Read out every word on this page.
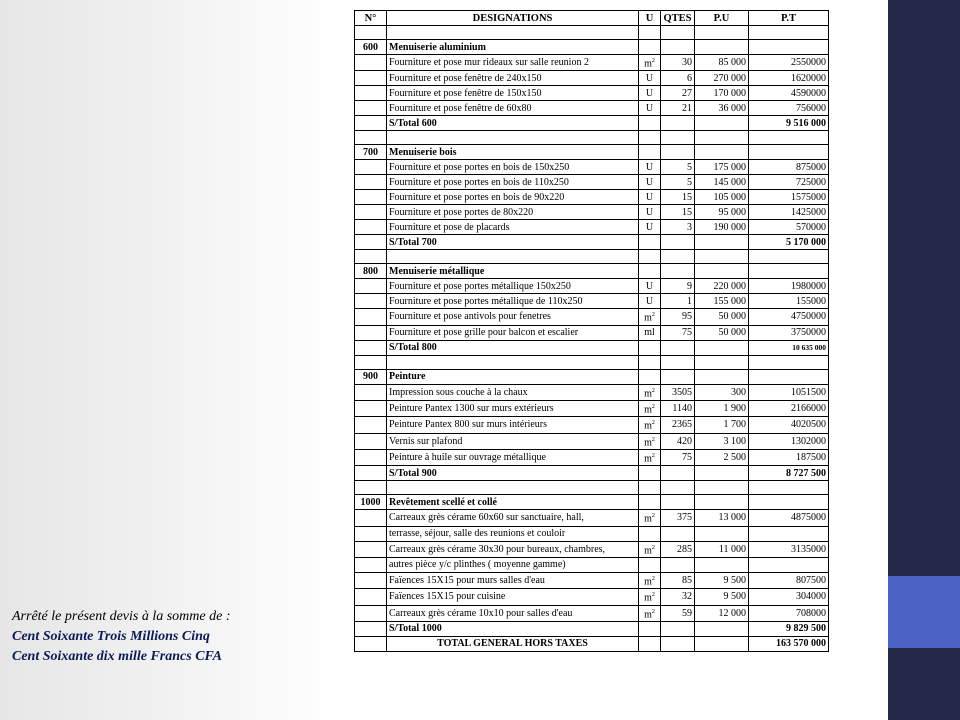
N°	DESIGNATIONS	U	QTES	P.U	P.T

600	Menuiserie aluminium				
	Fourniture et pose mur rideaux sur salle reunion 2	$m^2$	30	85 000	2550000
	Fourniture et pose fenêtre de 240x150	U	6	270 000	1620000
	Fourniture et pose fenêtre de 150x150	U	27	170 000	4590000
	Fourniture et pose fenêtre de 60x80	U	21	36 000	756000
	S/Total 600				9 516 000

700	Menuiserie bois				
	Fourniture et pose portes en bois de 150x250	U	5	175 000	875000
	Fourniture et pose portes en bois de 110x250	U	5	145 000	725000
	Fourniture et pose portes en bois de 90x220	U	15	105 000	1575000
	Fourniture et pose portes de 80x220	U	15	95 000	1425000
	Fourniture et pose de placards	U	3	190 000	570000
	S/Total 700				5 170 000

800	Menuiserie métallique				
	Fourniture et pose portes métallique 150x250	U	9	220 000	1980000
	Fourniture et pose portes métallique de 110x250	U	1	155 000	155000
	Fourniture et pose antivols pour fenetres	$m^2$	95	50 000	4750000
	Fourniture et pose grille pour balcon et escalier	ml	75	50 000	3750000
	S/Total 800				10 635 000

900	Peinture				
	Impression sous couche à la chaux	$m^2$	3505	300	1051500
	Peinture Pantex 1300 sur murs extérieurs	$m^2$	1140	1 900	2166000
	Peinture Pantex 800 sur murs intérieurs	$m^2$	2365	1 700	4020500
	Vernis sur plafond	$m^2$	420	3 100	1302000
	Peinture à huile sur ouvrage métallique	$m^2$	75	2 500	187500
	S/Total 900				8 727 500

1000	Revêtement scellé et collé				
	Carreaux grès cérame 60x60 sur sanctuaire, hall,	$m^2$	375	13 000	4875000
	terrasse, séjour, salle des reunions et couloir				
	Carreaux grès cérame 30x30 pour bureaux, chambres,	$m^2$	285	11 000	3135000
	autres pièce y/c plinthes ( moyenne gamme)				
	Faïences 15X15 pour murs salles d'eau	$m^2$	85	9 500	807500
	Faïences 15X15 pour cuisine	$m^2$	32	9 500	304000
	Carreaux grès cérame 10x10 pour salles d'eau	$m^2$	59	12 000	708000
	S/Total 1000				9 829 500
	TOTAL GENERAL HORS TAXES				163 570 000
Arrêté le présent devis à la somme de :
Cent Soixante Trois Millions Cinq
Cent Soixante dix mille Francs CFA
